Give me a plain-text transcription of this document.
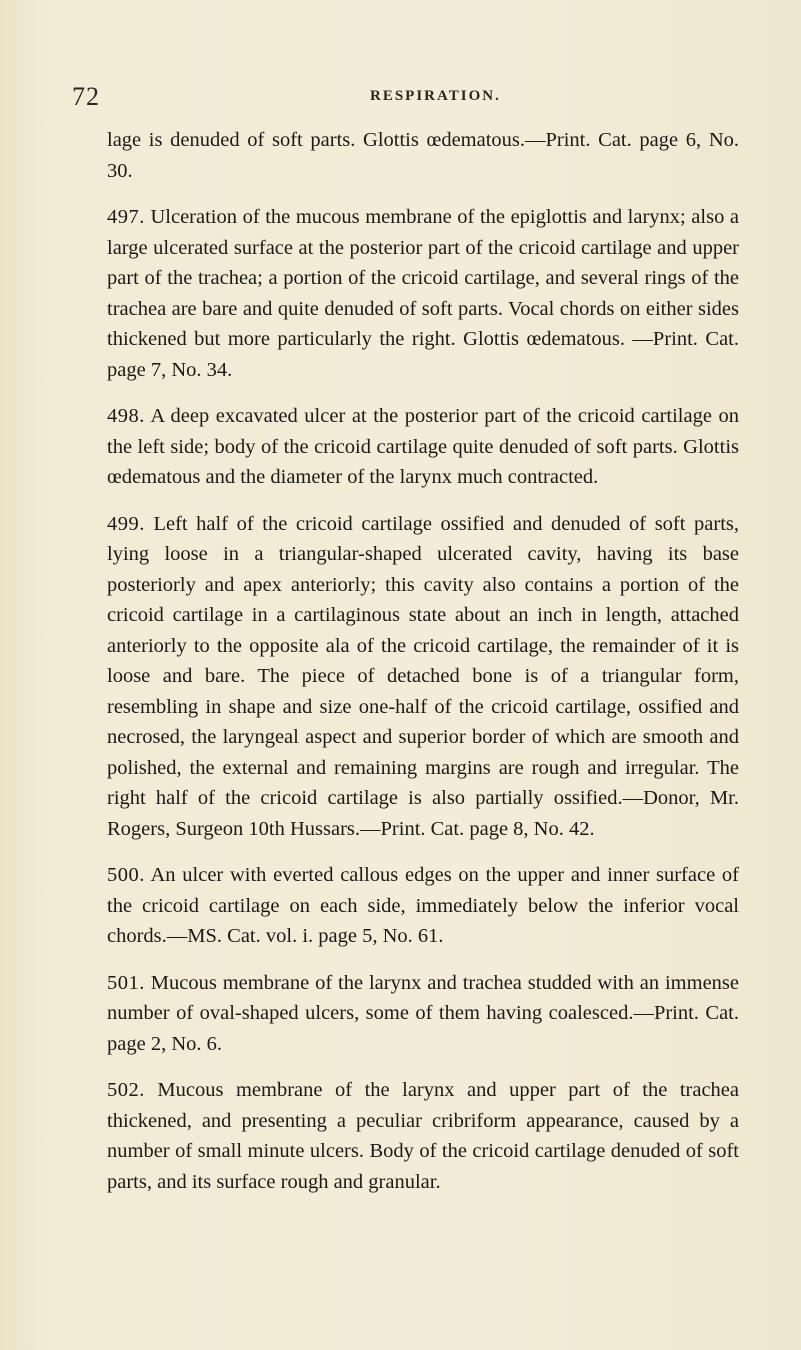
72	RESPIRATION.

lage is denuded of soft parts. Glottis œdematous.—Print. Cat. page 6, No. 30.

497. Ulceration of the mucous membrane of the epiglottis and larynx; also a large ulcerated surface at the posterior part of the cricoid cartilage and upper part of the trachea; a portion of the cricoid cartilage, and several rings of the trachea are bare and quite denuded of soft parts. Vocal chords on either sides thickened but more particularly the right. Glottis œdematous. —Print. Cat. page 7, No. 34.

498. A deep excavated ulcer at the posterior part of the cricoid cartilage on the left side; body of the cricoid cartilage quite denuded of soft parts. Glottis œdematous and the diameter of the larynx much contracted.

499. Left half of the cricoid cartilage ossified and denuded of soft parts, lying loose in a triangular-shaped ulcerated cavity, having its base posteriorly and apex anteriorly; this cavity also contains a portion of the cricoid cartilage in a cartilaginous state about an inch in length, attached anteriorly to the opposite ala of the cricoid cartilage, the remainder of it is loose and bare. The piece of detached bone is of a triangular form, resembling in shape and size one-half of the cricoid cartilage, ossified and necrosed, the laryngeal aspect and superior border of which are smooth and polished, the external and remaining margins are rough and irregular. The right half of the cricoid cartilage is also partially ossified.—Donor, Mr. Rogers, Surgeon 10th Hussars.—Print. Cat. page 8, No. 42.

500. An ulcer with everted callous edges on the upper and inner surface of the cricoid cartilage on each side, immediately below the inferior vocal chords.—MS. Cat. vol. i. page 5, No. 61.

501. Mucous membrane of the larynx and trachea studded with an immense number of oval-shaped ulcers, some of them having coalesced.—Print. Cat. page 2, No. 6.

502. Mucous membrane of the larynx and upper part of the trachea thickened, and presenting a peculiar cribriform appearance, caused by a number of small minute ulcers. Body of the cricoid cartilage denuded of soft parts, and its surface rough and granular.
